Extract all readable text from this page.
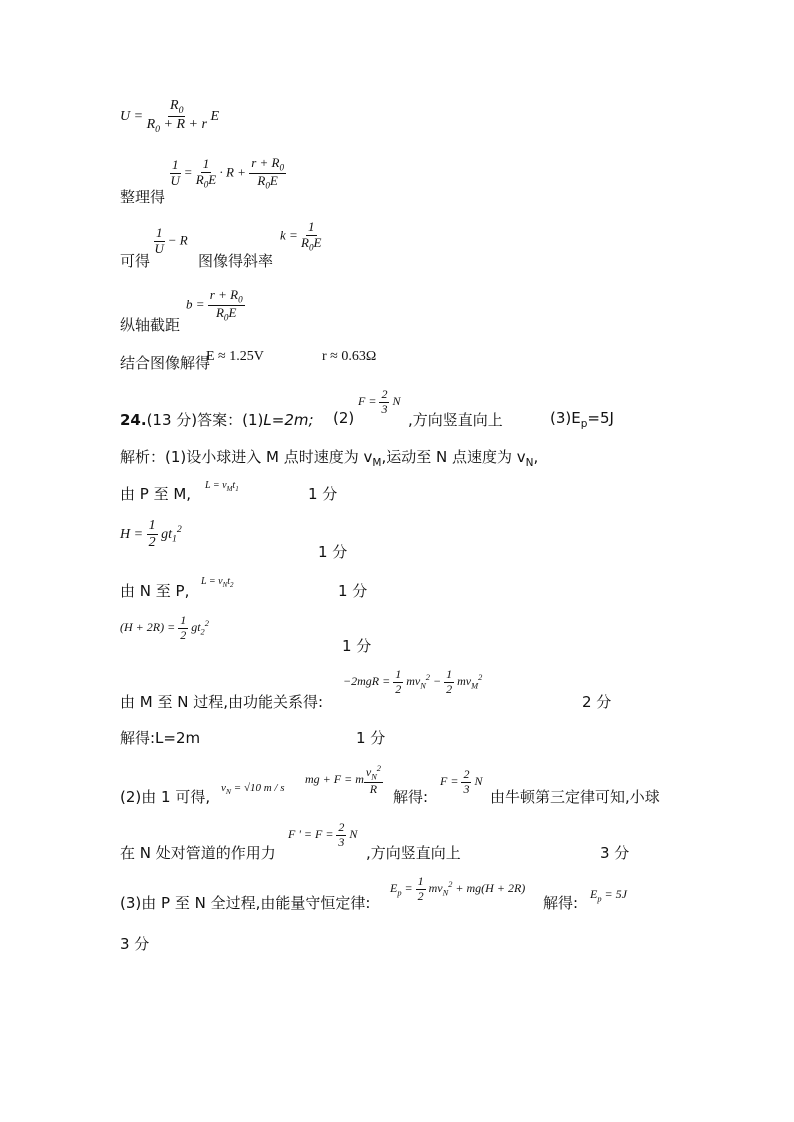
$U = \frac{R_0}{R_0 + R + r}$ E
$\frac{1}{U} = \frac{1}{R_0E} \cdot R + \frac{r + R_0}{R_0E}$
整理得
可得
$\frac{1}{U} - R$
图像得斜率
$k = \frac{1}{R_0E}$
$b = \frac{r + R_0}{R_0E}$
纵轴截距
结合图像解得
E ≈ 1.25V	r ≈ 0.63Ω
24.(13 分)答案：(1)L=2m; (2)
$F = \frac{2}{3}$ N
,方向竖直向上	$(3)E_p=5J$
解析：(1)设小球进入 M 点时速度为 $v_M$,运动至 N 点速度为 $v_N$,
由 P 至 M, $L = v_Mt_1$	1 分
$H = \frac{1}{2} gt_1^2$
1 分
由 N 至 P,
$L = v_Nt_2$	1 分
$(H + 2R) = \frac{1}{2} gt_2^2$
1 分
由 M 至 N 过程,由功能关系得:
$-2mgR = \frac{1}{2} mv_N^2 - \frac{1}{2} mv_M^2$
2 分
解得:L=2m	1 分
(2)由 1 可得, $v_N = √10$ m / s
mg + F = m $\frac{v_N^2}{R}$
解得:
$F = \frac{2}{3}$ N
由牛顿第三定律可知,小球
在 N 处对管道的作用力
F ' = $F = \frac{2}{3}$ N
,方向竖直向上	3 分
(3)由 P 至 N 全过程,由能量守恒定律:
$E_p = \frac{1}{2} mv_N^2 + mg(H + 2R)$
解得: $E_p = 5J$
3 分
